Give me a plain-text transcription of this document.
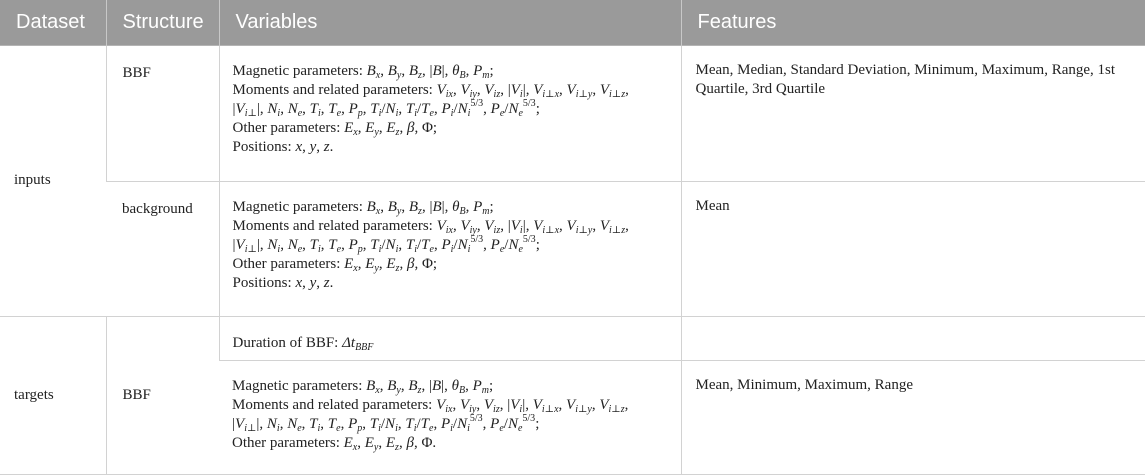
Dataset	Structure	Variables	Features
inputs	BBF	Magnetic parameters: $B_x$, $B_y$, $B_z$, |B|, $\theta_B$, $P_m$;
Moments and related parameters: $V_{ix}$, $V_{iy}$, $V_{iz}$, $|V_i|$, $V_{i\perp x}$, $V_{i\perp y}$, $V_{i\perp z}$,
$|V_{i\perp}|$, $N_i$, $N_e$, $T_i$, $T_e$, $P_p$, $T_i/N_i$, $T_i/T_e$, $P_i/N_i^{5/3}$, $P_e/N_e^{5/3}$;
Other parameters: $E_x$, $E_y$, $E_z$, β, Φ;
Positions: x, y, z.	Mean, Median, Standard Deviation, Minimum, Maximum, Range, 1st Quartile, 3rd Quartile
	background	Magnetic parameters: $B_x$, $B_y$, $B_z$, |B|, $\theta_B$, $P_m$;
Moments and related parameters: $V_{ix}$, $V_{iy}$, $V_{iz}$, $|V_i|$, $V_{i\perp x}$, $V_{i\perp y}$, $V_{i\perp z}$,
$|V_{i\perp}|$, $N_i$, $N_e$, $T_i$, $T_e$, $P_p$, $T_i/N_i$, $T_i/T_e$, $P_i/N_i^{5/3}$, $P_e/N_e^{5/3}$;
Other parameters: $E_x$, $E_y$, $E_z$, β, Φ;
Positions: x, y, z.	Mean
targets	BBF	Duration of BBF: $\Delta t_{BBF}$

		Magnetic parameters: $B_x$, $B_y$, $B_z$, |B|, $\theta_B$, $P_m$;
Moments and related parameters: $V_{ix}$, $V_{iy}$, $V_{iz}$, $|V_i|$, $V_{i\perp x}$, $V_{i\perp y}$, $V_{i\perp z}$,
$|V_{i\perp}|$, $N_i$, $N_e$, $T_i$, $T_e$, $P_p$, $T_i/N_i$, $T_i/T_e$, $P_i/N_i^{5/3}$, $P_e/N_e^{5/3}$;
Other parameters: $E_x$, $E_y$, $E_z$, β, Φ.	Mean, Minimum, Maximum, Range
